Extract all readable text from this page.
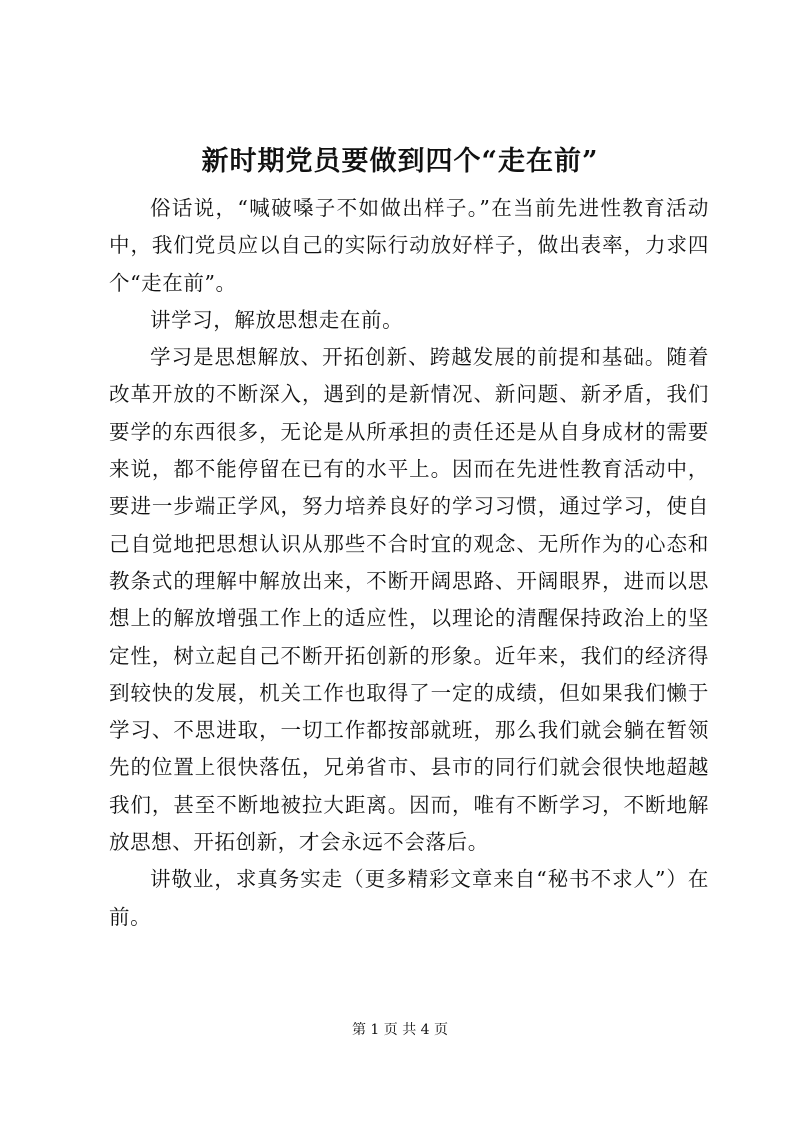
新时期党员要做到四个“走在前”

俗话说，“喊破嗓子不如做出样子。”在当前先进性教育活动中，我们党员应以自己的实际行动放好样子，做出表率，力求四个“走在前”。

讲学习，解放思想走在前。

学习是思想解放、开拓创新、跨越发展的前提和基础。随着改革开放的不断深入，遇到的是新情况、新问题、新矛盾，我们要学的东西很多，无论是从所承担的责任还是从自身成材的需要来说，都不能停留在已有的水平上。因而在先进性教育活动中，要进一步端正学风，努力培养良好的学习习惯，通过学习，使自己自觉地把思想认识从那些不合时宜的观念、无所作为的心态和教条式的理解中解放出来，不断开阔思路、开阔眼界，进而以思想上的解放增强工作上的适应性，以理论的清醒保持政治上的坚定性，树立起自己不断开拓创新的形象。近年来，我们的经济得到较快的发展，机关工作也取得了一定的成绩，但如果我们懒于学习、不思进取，一切工作都按部就班，那么我们就会躺在暂领先的位置上很快落伍，兄弟省市、县市的同行们就会很快地超越我们，甚至不断地被拉大距离。因而，唯有不断学习，不断地解放思想、开拓创新，才会永远不会落后。

讲敬业，求真务实走（更多精彩文章来自“秘书不求人”）在前。

第 1 页 共 4 页
